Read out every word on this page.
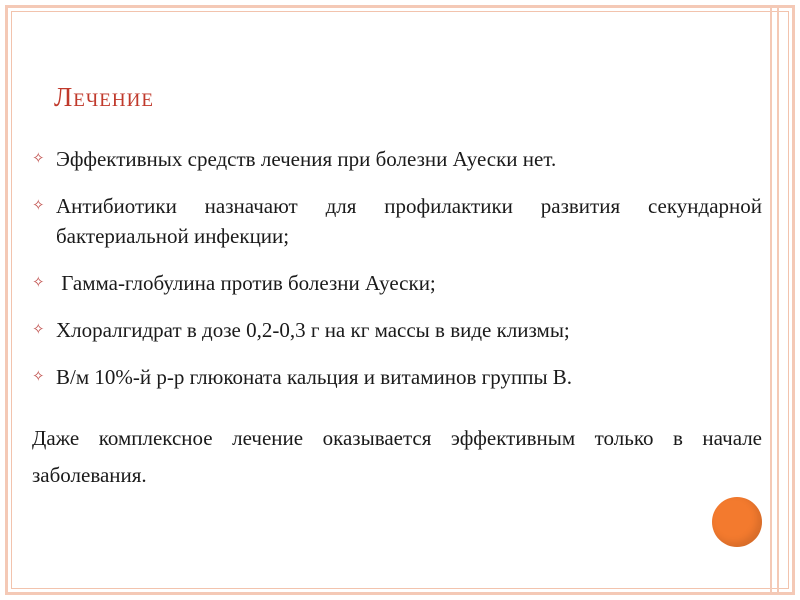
Лечение
✧ Эффективных средств лечения при болезни Ауески нет.
✧ Антибиотики назначают для профилактики развития секундарной бактериальной инфекции;
✧ Гамма-глобулина против болезни Ауески;
✧ Хлоралгидрат в дозе 0,2-0,3 г на кг массы в виде клизмы;
✧ В/м 10%-й р-р глюконата кальция и витаминов группы В.
Даже комплексное лечение оказывается эффективным только в начале заболевания.
